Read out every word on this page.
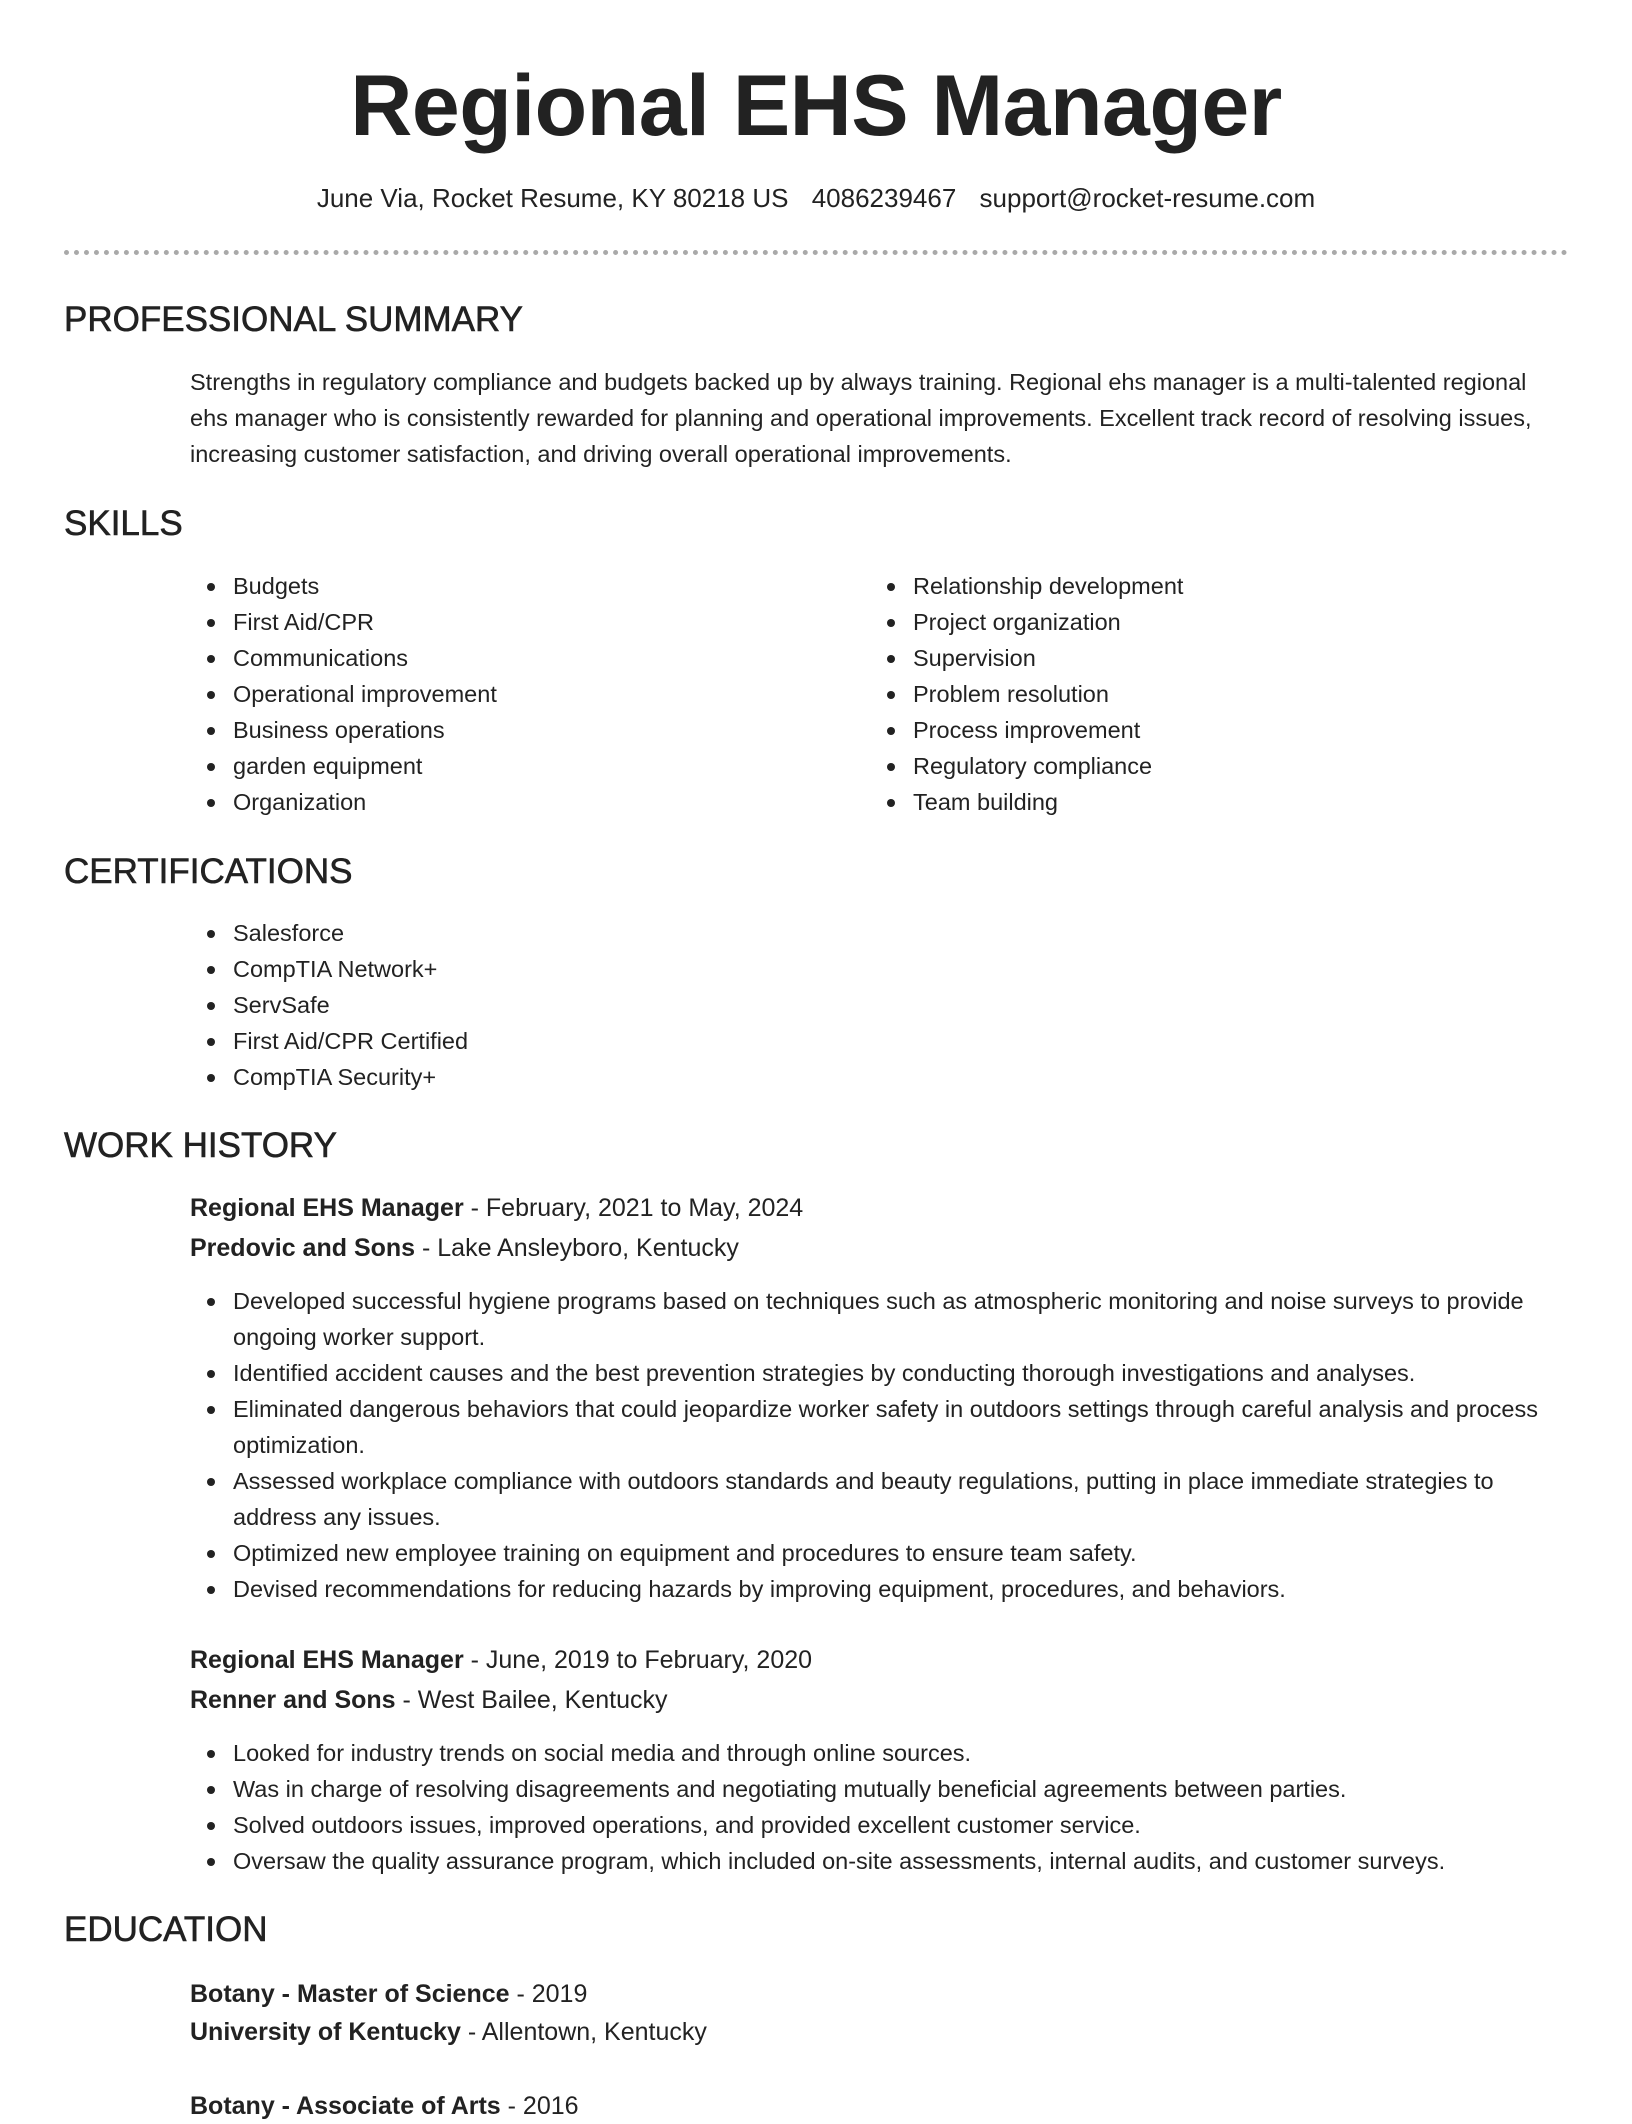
Regional EHS Manager
June Via, Rocket Resume, KY 80218 US 4086239467 support@rocket-resume.com
PROFESSIONAL SUMMARY
Strengths in regulatory compliance and budgets backed up by always training. Regional ehs manager is a multi-talented regional ehs manager who is consistently rewarded for planning and operational improvements. Excellent track record of resolving issues, increasing customer satisfaction, and driving overall operational improvements.
SKILLS
Budgets
First Aid/CPR
Communications
Operational improvement
Business operations
garden equipment
Organization
Relationship development
Project organization
Supervision
Problem resolution
Process improvement
Regulatory compliance
Team building
CERTIFICATIONS
Salesforce
CompTIA Network+
ServSafe
First Aid/CPR Certified
CompTIA Security+
WORK HISTORY
Regional EHS Manager - February, 2021 to May, 2024
Predovic and Sons - Lake Ansleyboro, Kentucky
Developed successful hygiene programs based on techniques such as atmospheric monitoring and noise surveys to provide ongoing worker support.
Identified accident causes and the best prevention strategies by conducting thorough investigations and analyses.
Eliminated dangerous behaviors that could jeopardize worker safety in outdoors settings through careful analysis and process optimization.
Assessed workplace compliance with outdoors standards and beauty regulations, putting in place immediate strategies to address any issues.
Optimized new employee training on equipment and procedures to ensure team safety.
Devised recommendations for reducing hazards by improving equipment, procedures, and behaviors.
Regional EHS Manager - June, 2019 to February, 2020
Renner and Sons - West Bailee, Kentucky
Looked for industry trends on social media and through online sources.
Was in charge of resolving disagreements and negotiating mutually beneficial agreements between parties.
Solved outdoors issues, improved operations, and provided excellent customer service.
Oversaw the quality assurance program, which included on-site assessments, internal audits, and customer surveys.
EDUCATION
Botany - Master of Science - 2019
University of Kentucky - Allentown, Kentucky
Botany - Associate of Arts - 2016
